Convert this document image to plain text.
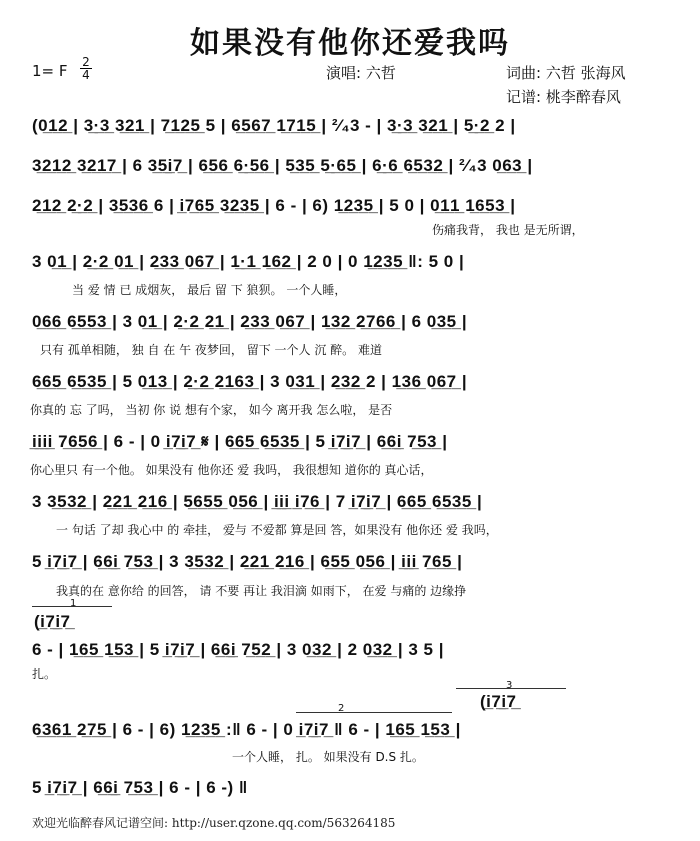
如果没有他你还爱我吗
1= F 2
4	演唱: 六哲	词曲: 六哲 张海风
记谱: 桃李醉春风
1
(i̲7̲i̲7̲
2
3
(i̲7̲i̲7̲
(0̲1̲2̲ | 3̲·̲3̲ 3̲2̲1̲ | 7̲1̲2̲5̲ 5 | 6̲5̲6̲7̲ 1̲7̲1̲5̲ | ²⁄₄3 - | 3̲·̲3̲ 3̲2̲1̲ | 5̲·̲2̲ 2 |
3̲2̲1̲2̲ 3̲2̲1̲7̲ | 6 3̲5̲i̲7̲ | 6̲5̲6̲ 6̲·̲5̲6̲ | 5̲3̲5̲ 5̲·̲6̲5̲ | 6̲·̲6̲ 6̲5̲3̲2̲ | ²⁄₄3 0̲6̲3̲ |
2̲1̲2̲ 2̲·̲2̲ | 3̲5̲3̲6̲ 6 | i̲7̲6̲5̲ 3̲2̲3̲5̲ | 6 - | 6) 1̲2̲3̲5̲ | 5 0 | 0̲1̲1̲ 1̲6̲5̲3̲ |
伤痛我背， 我也 是无所谓，
3 0̲1̲ | 2̲·̲2̲ 0̲1̲ | 2̲3̲3̲ 0̲6̲7̲ | 1̲·̲1̲ 1̲6̲2̲ | 2 0 | 0 1̲2̲3̲5̲ ‖: 5 0 |
当 爱 情 已 成烟灰， 最后 留 下 狼狈。 一个人睡，
0̲6̲6̲ 6̲5̲5̲3̲ | 3 0̲1̲ | 2̲·̲2̲ 2̲1̲ | 2̲3̲3̲ 0̲6̲7̲ | 1̲3̲2̲ 2̲7̲6̲6̲ | 6 0̲3̲5̲ |
只有 孤单相随， 独 自 在 午 夜梦回， 留下 一个人 沉 醉。 难道
6̲6̲5̲ 6̲5̲3̲5̲ | 5 0̲1̲3̲ | 2̲·̲2̲ 2̲1̲6̲3̲ | 3 0̲3̲1̲ | 2̲3̲2̲ 2 | 1̲3̲6̲ 0̲6̲7̲ |
你真的 忘 了吗， 当初 你 说 想有个家， 如今 离开我 怎么啦， 是否
i̲i̲i̲i̲ 7̲6̲5̲6̲ | 6 - | 0 i̲7̲i̲7̲ 𝄋 | 6̲6̲5̲ 6̲5̲3̲5̲ | 5 i̲7̲i̲7̲ | 6̲6̲i̲ 7̲5̲3̲ |
你心里只 有一个他。 如果没有 他你还 爱 我吗， 我很想知 道你的 真心话，
3 3̲5̲3̲2̲ | 2̲2̲1̲ 2̲1̲6̲ | 5̲6̲5̲5̲ 0̲5̲6̲ | i̲i̲i̲ i̲7̲6̲ | 7 i̲7̲i̲7̲ | 6̲6̲5̲ 6̲5̲3̲5̲ |
一 句话 了却 我心中 的 牵挂， 爱与 不爱都 算是回 答，如果没有 他你还 爱 我吗，
5 i̲7̲i̲7̲ | 6̲6̲i̲ 7̲5̲3̲ | 3 3̲5̲3̲2̲ | 2̲2̲1̲ 2̲1̲6̲ | 6̲5̲5̲ 0̲5̲6̲ | i̲i̲i̲ 7̲6̲5̲ |
我真的在 意你给 的回答， 请 不要 再让 我泪滴 如雨下， 在爱 与痛的 边缘挣
6 - | 1̲6̲5̲ 1̲5̲3̲ | 5 i̲7̲i̲7̲ | 6̲6̲i̲ 7̲5̲2̲ | 3 0̲3̲2̲ | 2 0̲3̲2̲ | 3 5 |
扎。
6̲3̲6̲1̲ 2̲7̲5̲ | 6 - | 6) 1̲2̲3̲5̲ :‖ 6 - | 0 i̲7̲i̲7̲ ‖ 6 - | 1̲6̲5̲ 1̲5̲3̲ |
一个人睡， 扎。 如果没有 D.S 扎。
5 i̲7̲i̲7̲ | 6̲6̲i̲ 7̲5̲3̲ | 6 - | 6 -) ‖
欢迎光临醉春风记谱空间: http://user.qzone.qq.com/563264185
